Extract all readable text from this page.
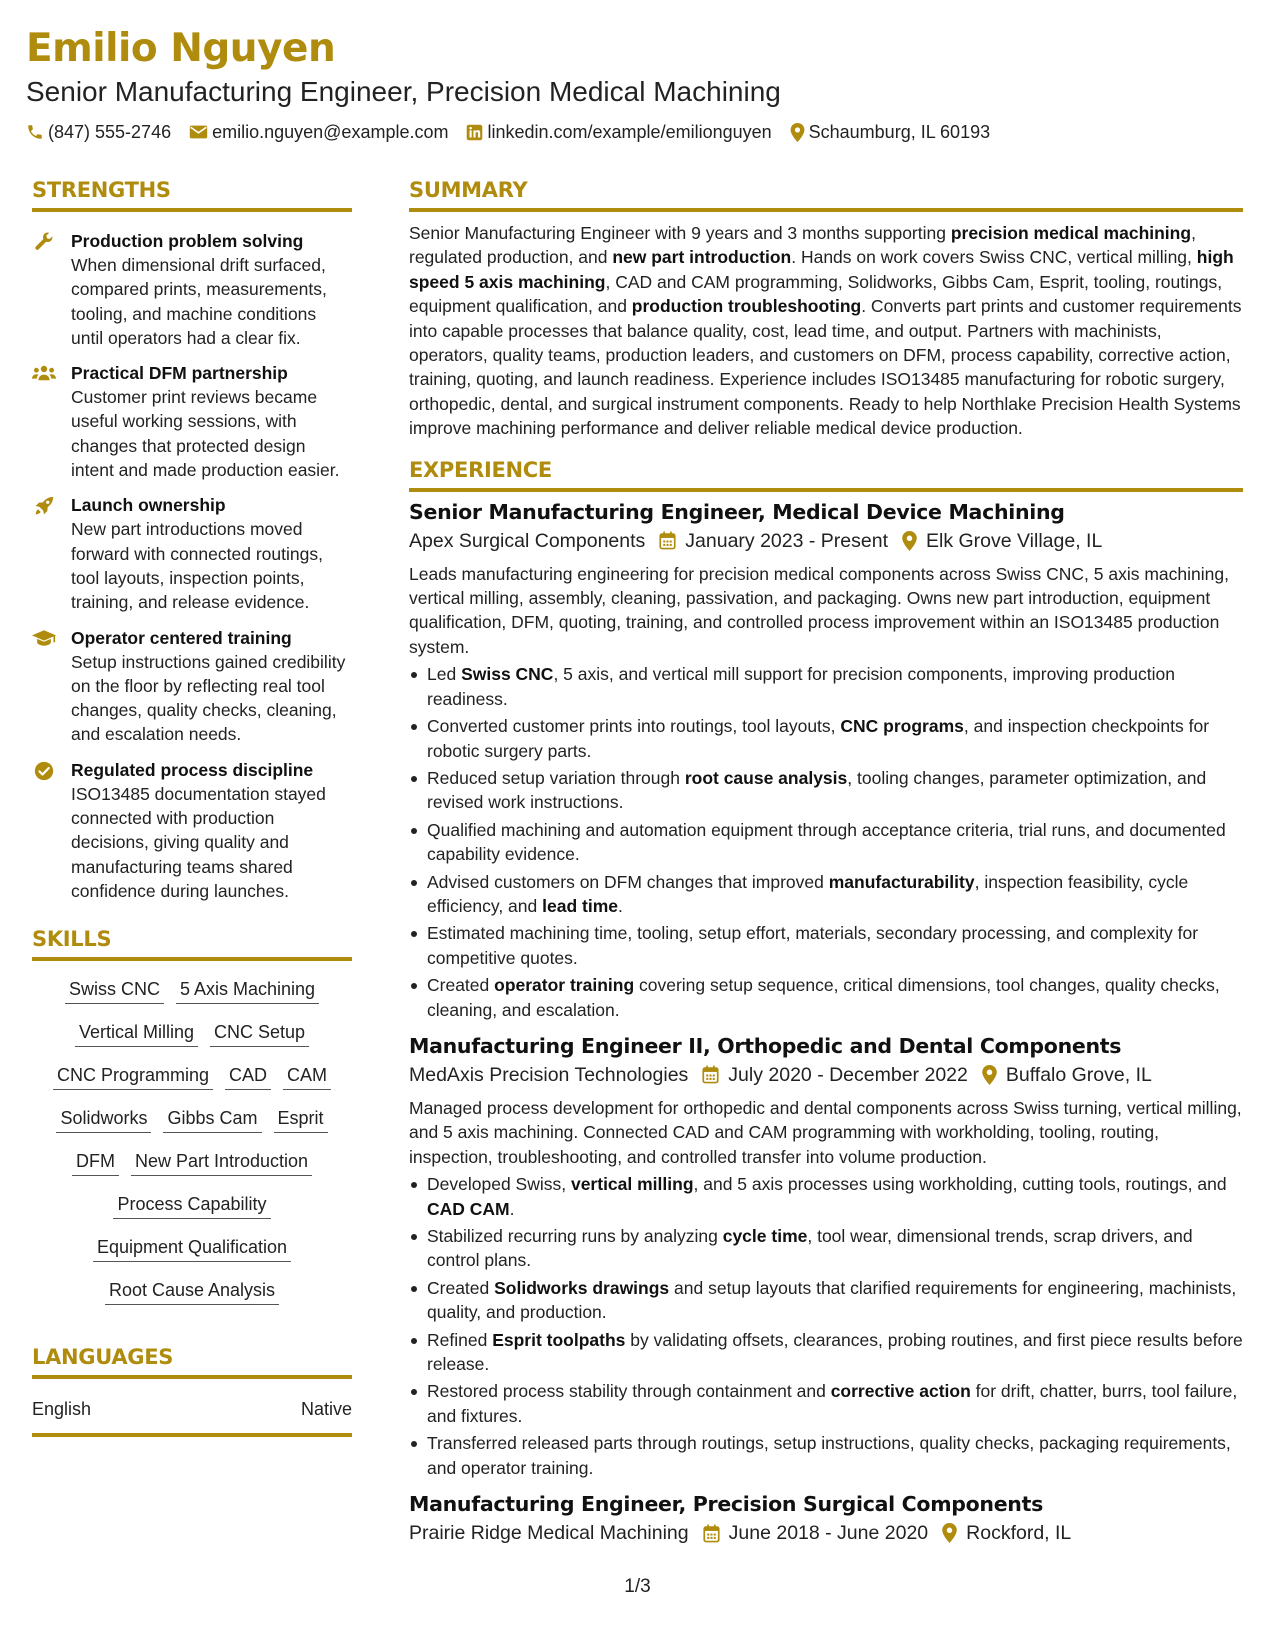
Emilio Nguyen
Senior Manufacturing Engineer, Precision Medical Machining
(847) 555-2746 emilio.nguyen@example.com linkedin.com/example/emilionguyen Schaumburg, IL 60193
STRENGTHS
Production problem solving
When dimensional drift surfaced, compared prints, measurements, tooling, and machine conditions until operators had a clear fix.
Practical DFM partnership
Customer print reviews became useful working sessions, with changes that protected design intent and made production easier.
Launch ownership
New part introductions moved forward with connected routings, tool layouts, inspection points, training, and release evidence.
Operator centered training
Setup instructions gained credibility on the floor by reflecting real tool changes, quality checks, cleaning, and escalation needs.
Regulated process discipline
ISO13485 documentation stayed connected with production decisions, giving quality and manufacturing teams shared confidence during launches.
SKILLS
Swiss CNC 5 Axis Machining
Vertical Milling CNC Setup
CNC Programming CAD CAM
Solidworks Gibbs Cam Esprit
DFM New Part Introduction
Process Capability
Equipment Qualification
Root Cause Analysis
LANGUAGES
English	Native
SUMMARY
Senior Manufacturing Engineer with 9 years and 3 months supporting precision medical machining, regulated production, and new part introduction. Hands on work covers Swiss CNC, vertical milling, high speed 5 axis machining, CAD and CAM programming, Solidworks, Gibbs Cam, Esprit, tooling, routings, equipment qualification, and production troubleshooting. Converts part prints and customer requirements into capable processes that balance quality, cost, lead time, and output. Partners with machinists, operators, quality teams, production leaders, and customers on DFM, process capability, corrective action, training, quoting, and launch readiness. Experience includes ISO13485 manufacturing for robotic surgery, orthopedic, dental, and surgical instrument components. Ready to help Northlake Precision Health Systems improve machining performance and deliver reliable medical device production.
EXPERIENCE
Senior Manufacturing Engineer, Medical Device Machining
Apex Surgical Components January 2023 - Present Elk Grove Village, IL
Leads manufacturing engineering for precision medical components across Swiss CNC, 5 axis machining, vertical milling, assembly, cleaning, passivation, and packaging. Owns new part introduction, equipment qualification, DFM, quoting, training, and controlled process improvement within an ISO13485 production system.
Led Swiss CNC, 5 axis, and vertical mill support for precision components, improving production readiness.
Converted customer prints into routings, tool layouts, CNC programs, and inspection checkpoints for robotic surgery parts.
Reduced setup variation through root cause analysis, tooling changes, parameter optimization, and revised work instructions.
Qualified machining and automation equipment through acceptance criteria, trial runs, and documented capability evidence.
Advised customers on DFM changes that improved manufacturability, inspection feasibility, cycle efficiency, and lead time.
Estimated machining time, tooling, setup effort, materials, secondary processing, and complexity for competitive quotes.
Created operator training covering setup sequence, critical dimensions, tool changes, quality checks, cleaning, and escalation.
Manufacturing Engineer II, Orthopedic and Dental Components
MedAxis Precision Technologies July 2020 - December 2022 Buffalo Grove, IL
Managed process development for orthopedic and dental components across Swiss turning, vertical milling, and 5 axis machining. Connected CAD and CAM programming with workholding, tooling, routing, inspection, troubleshooting, and controlled transfer into volume production.
Developed Swiss, vertical milling, and 5 axis processes using workholding, cutting tools, routings, and CAD CAM.
Stabilized recurring runs by analyzing cycle time, tool wear, dimensional trends, scrap drivers, and control plans.
Created Solidworks drawings and setup layouts that clarified requirements for engineering, machinists, quality, and production.
Refined Esprit toolpaths by validating offsets, clearances, probing routines, and first piece results before release.
Restored process stability through containment and corrective action for drift, chatter, burrs, tool failure, and fixtures.
Transferred released parts through routings, setup instructions, quality checks, packaging requirements, and operator training.
Manufacturing Engineer, Precision Surgical Components
Prairie Ridge Medical Machining June 2018 - June 2020 Rockford, IL
1/3
